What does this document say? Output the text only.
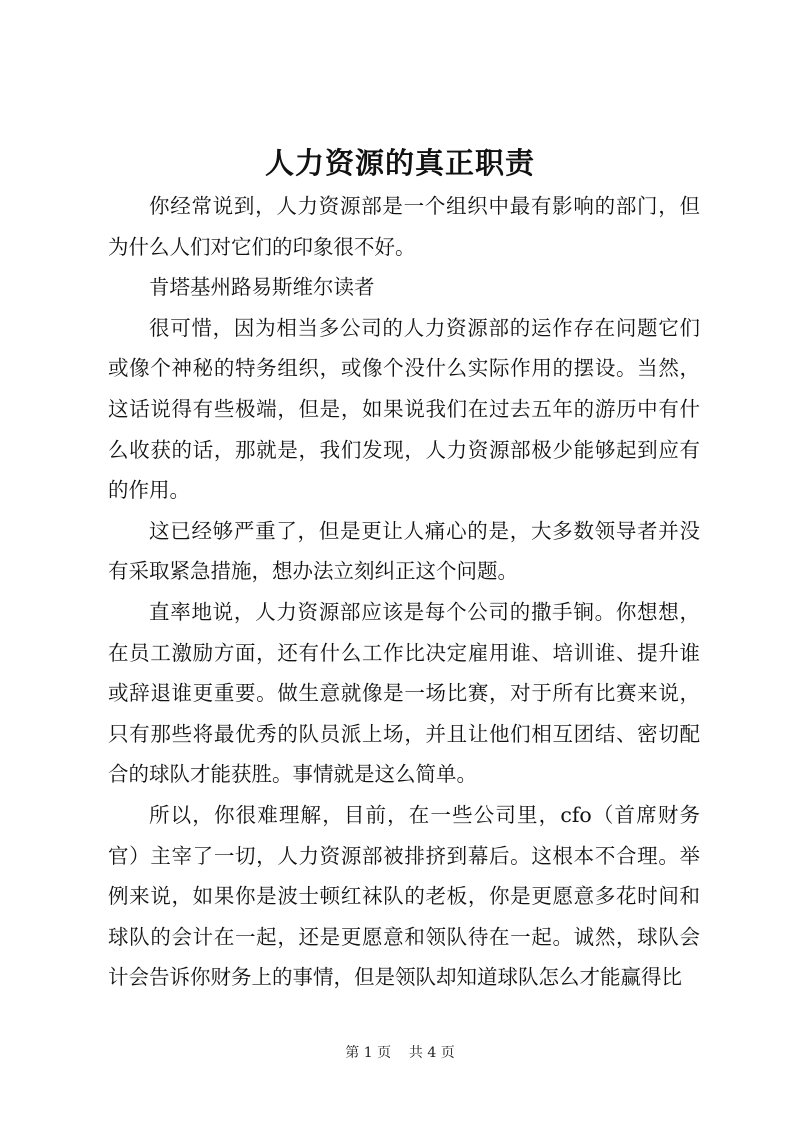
人力资源的真正职责

你经常说到，人力资源部是一个组织中最有影响的部门，但为什么人们对它们的印象很不好。

肯塔基州路易斯维尔读者

很可惜，因为相当多公司的人力资源部的运作存在问题它们或像个神秘的特务组织，或像个没什么实际作用的摆设。当然，这话说得有些极端，但是，如果说我们在过去五年的游历中有什么收获的话，那就是，我们发现，人力资源部极少能够起到应有的作用。

这已经够严重了，但是更让人痛心的是，大多数领导者并没有采取紧急措施，想办法立刻纠正这个问题。

直率地说，人力资源部应该是每个公司的撒手锏。你想想，在员工激励方面，还有什么工作比决定雇用谁、培训谁、提升谁或辞退谁更重要。做生意就像是一场比赛，对于所有比赛来说，只有那些将最优秀的队员派上场，并且让他们相互团结、密切配合的球队才能获胜。事情就是这么简单。

所以，你很难理解，目前，在一些公司里，cfo（首席财务官）主宰了一切，人力资源部被排挤到幕后。这根本不合理。举例来说，如果你是波士顿红袜队的老板，你是更愿意多花时间和球队的会计在一起，还是更愿意和领队待在一起。诚然，球队会计会告诉你财务上的事情，但是领队却知道球队怎么才能赢得比

第 1 页 共 4 页
